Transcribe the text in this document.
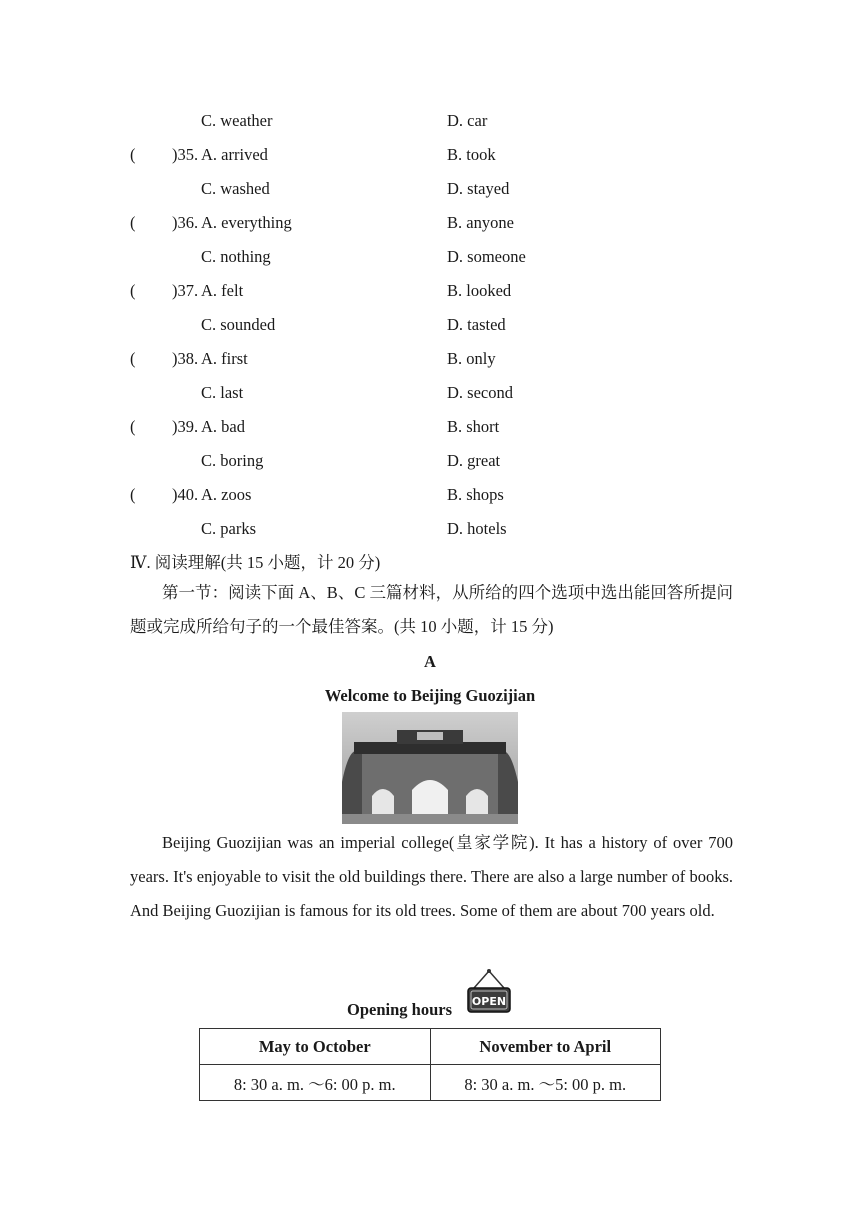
C. weather	D. car
( )35. A. arrived	B. took
C. washed	D. stayed
( )36. A. everything	B. anyone
C. nothing	D. someone
( )37. A. felt	B. looked
C. sounded	D. tasted
( )38. A. first	B. only
C. last	D. second
( )39. A. bad	B. short
C. boring	D. great
( )40. A. zoos	B. shops
C. parks	D. hotels
Ⅳ. 阅读理解(共 15 小题，计 20 分)
第一节：阅读下面 A、B、C 三篇材料，从所给的四个选项中选出能回答所提问题或完成所给句子的一个最佳答案。(共 10 小题，计 15 分)
A
Welcome to Beijing Guozijian
Beijing Guozijian was an imperial college(皇家学院). It has a history of over 700 years. It's enjoyable to visit the old buildings there. There are also a large number of books. And Beijing Guozijian is famous for its old trees. Some of them are about 700 years old.
Opening hours OPEN
May to October	November to April
8: 30 a. m. ～6: 00 p. m.	8: 30 a. m. ～5: 00 p. m.
